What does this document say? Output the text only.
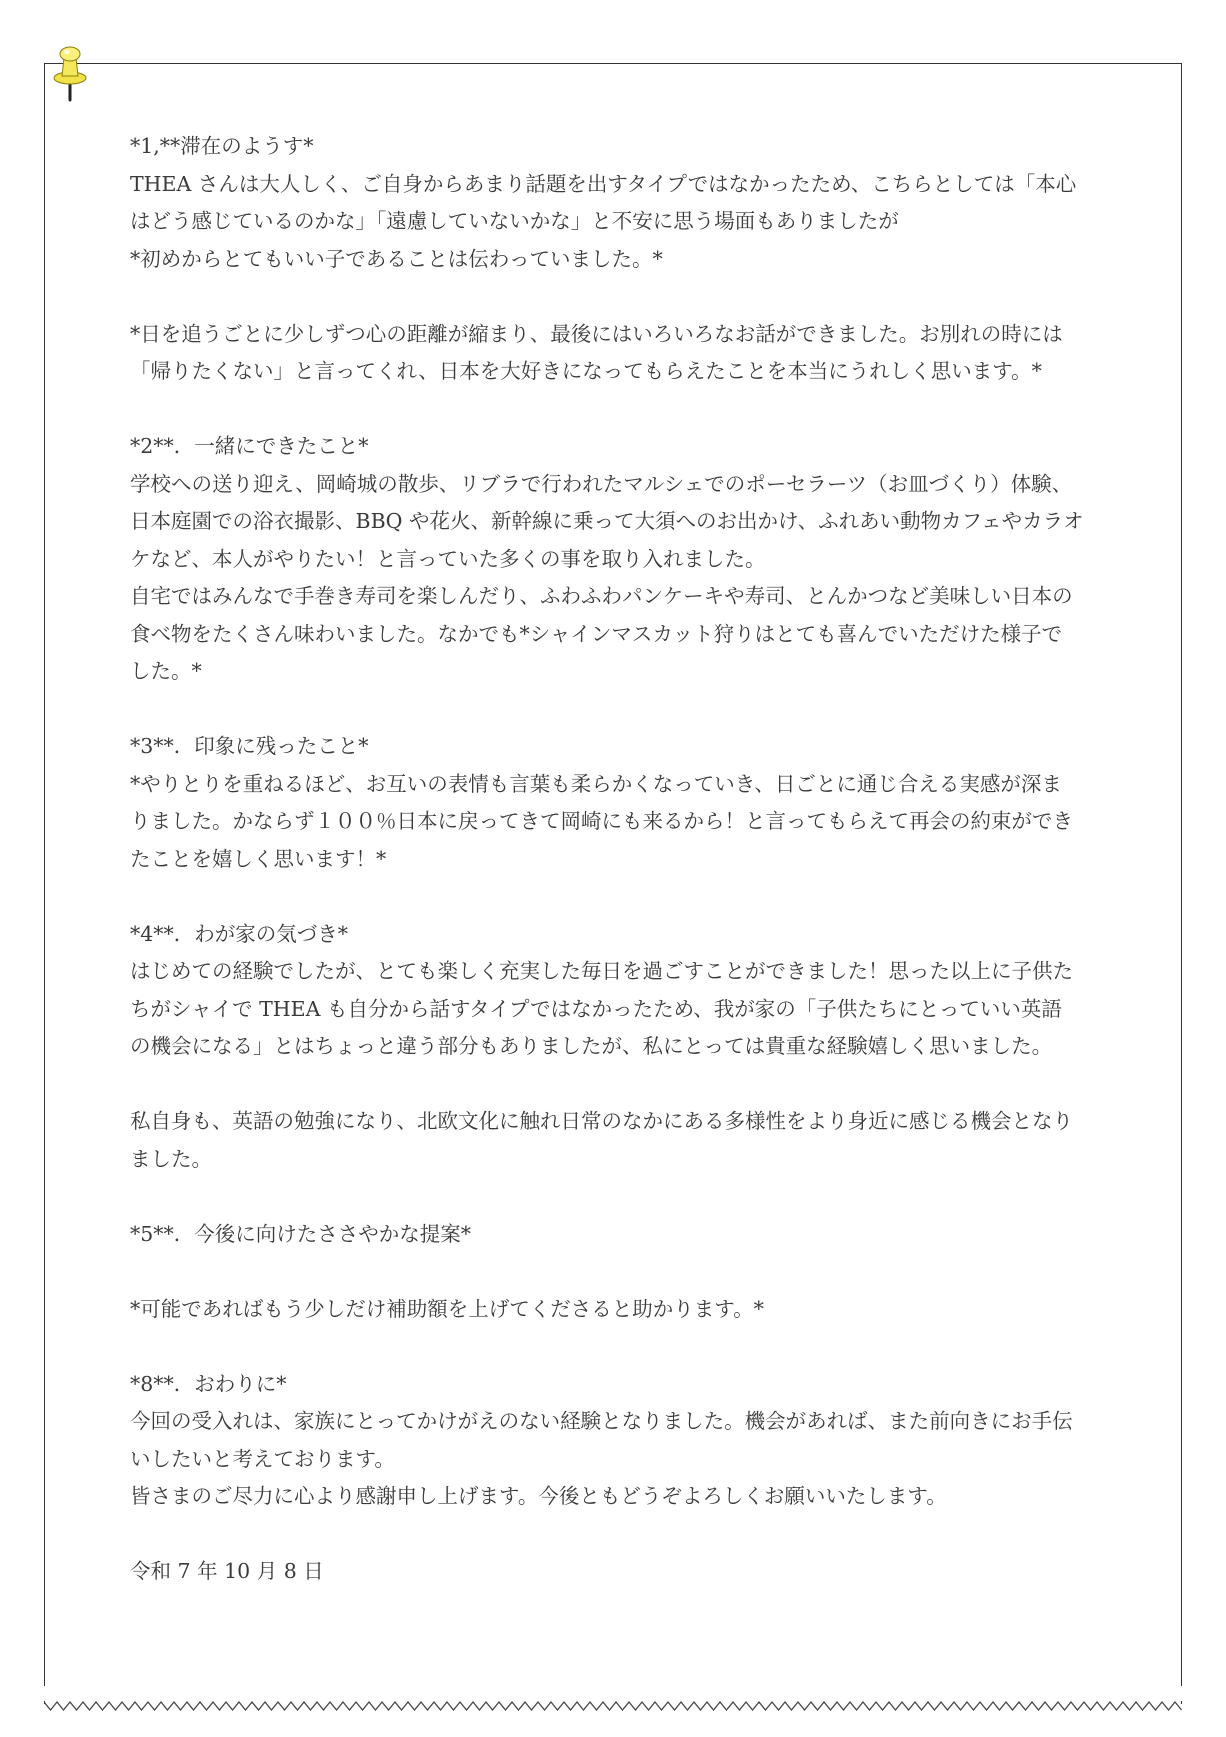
*1,**滞在のようす*
THEA さんは大人しく、ご自身からあまり話題を出すタイプではなかったため、こちらとしては「本心
はどう感じているのかな」「遠慮していないかな」と不安に思う場面もありましたが
*初めからとてもいい子であることは伝わっていました。*
*日を追うごとに少しずつ心の距離が縮まり、最後にはいろいろなお話ができました。お別れの時には
「帰りたくない」と言ってくれ、日本を大好きになってもらえたことを本当にうれしく思います。*
*2**．一緒にできたこと*
学校への送り迎え、岡崎城の散歩、リブラで行われたマルシェでのポーセラーツ（お皿づくり）体験、
日本庭園での浴衣撮影、BBQ や花火、新幹線に乗って大須へのお出かけ、ふれあい動物カフェやカラオ
ケなど、本人がやりたい！と言っていた多くの事を取り入れました。
自宅ではみんなで手巻き寿司を楽しんだり、ふわふわパンケーキや寿司、とんかつなど美味しい日本の
食べ物をたくさん味わいました。なかでも*シャインマスカット狩りはとても喜んでいただけた様子で
した。*
*3**．印象に残ったこと*
*やりとりを重ねるほど、お互いの表情も言葉も柔らかくなっていき、日ごとに通じ合える実感が深ま
りました。かならず１００％日本に戻ってきて岡崎にも来るから！と言ってもらえて再会の約束ができ
たことを嬉しく思います！*
*4**．わが家の気づき*
はじめての経験でしたが、とても楽しく充実した毎日を過ごすことができました！思った以上に子供た
ちがシャイで THEA も自分から話すタイプではなかったため、我が家の「子供たちにとっていい英語
の機会になる」とはちょっと違う部分もありましたが、私にとっては貴重な経験嬉しく思いました。
私自身も、英語の勉強になり、北欧文化に触れ日常のなかにある多様性をより身近に感じる機会となり
ました。
*5**．今後に向けたささやかな提案*
*可能であればもう少しだけ補助額を上げてくださると助かります。*
*8**．おわりに*
今回の受入れは、家族にとってかけがえのない経験となりました。機会があれば、また前向きにお手伝
いしたいと考えております。
皆さまのご尽力に心より感謝申し上げます。今後ともどうぞよろしくお願いいたします。
令和 7 年 10 月 8 日
